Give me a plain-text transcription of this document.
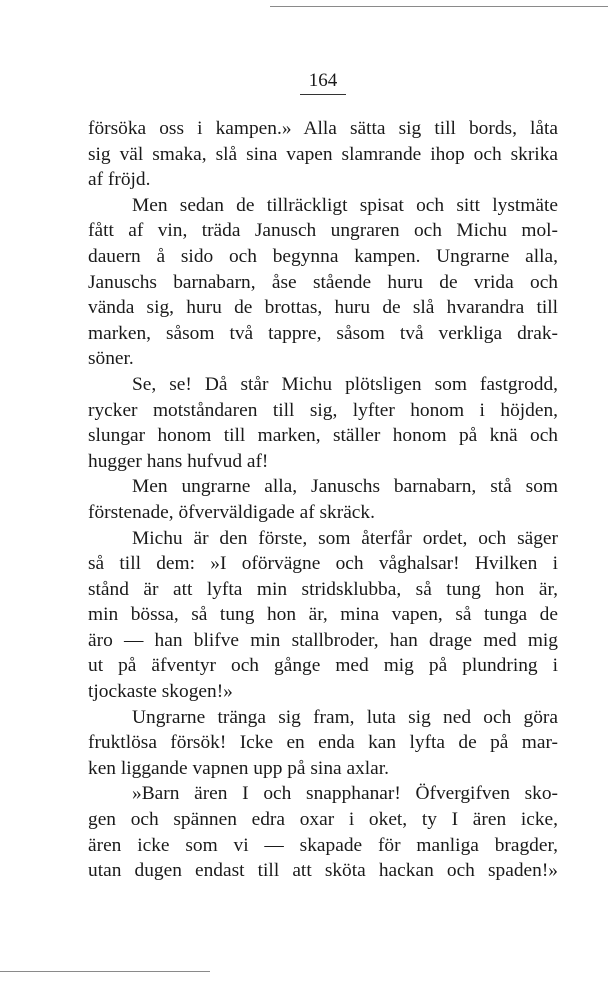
164
försöka oss i kampen.» Alla sätta sig till bords, låta
sig väl smaka, slå sina vapen slamrande ihop och skrika
af fröjd.
Men sedan de tillräckligt spisat och sitt lystmäte
fått af vin, träda Janusch ungraren och Michu mol-
dauern å sido och begynna kampen. Ungrarne alla,
Januschs barnabarn, åse stående huru de vrida och
vända sig, huru de brottas, huru de slå hvarandra till
marken, såsom två tappre, såsom två verkliga drak-
söner.
Se, se! Då står Michu plötsligen som fastgrodd,
rycker motståndaren till sig, lyfter honom i höjden,
slungar honom till marken, ställer honom på knä och
hugger hans hufvud af!
Men ungrarne alla, Januschs barnabarn, stå som
förstenade, öfverväldigade af skräck.
Michu är den förste, som återfår ordet, och säger
så till dem: »I oförvägne och våghalsar! Hvilken i
stånd är att lyfta min stridsklubba, så tung hon är,
min bössa, så tung hon är, mina vapen, så tunga de
äro — han blifve min stallbroder, han drage med mig
ut på äfventyr och gånge med mig på plundring i
tjockaste skogen!»
Ungrarne tränga sig fram, luta sig ned och göra
fruktlösa försök! Icke en enda kan lyfta de på mar-
ken liggande vapnen upp på sina axlar.
»Barn ären I och snapphanar! Öfvergifven sko-
gen och spännen edra oxar i oket, ty I ären icke,
ären icke som vi — skapade för manliga bragder,
utan dugen endast till att sköta hackan och spaden!»
